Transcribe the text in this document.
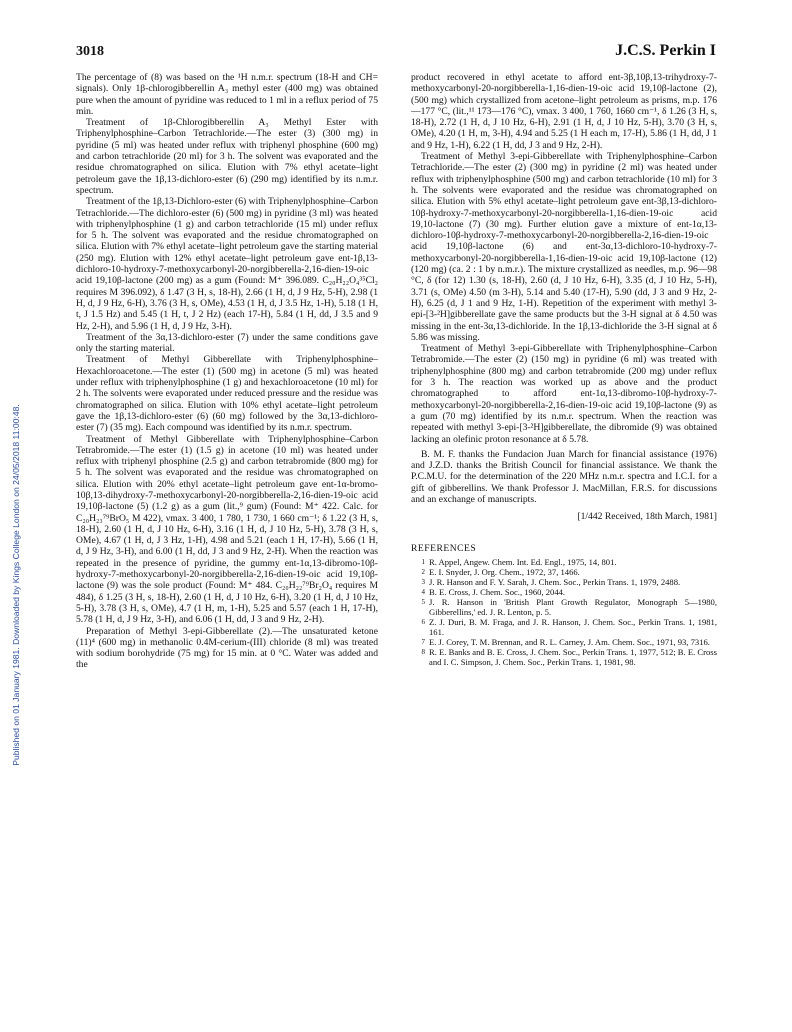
3018	J.C.S. Perkin I
Published on 01 January 1981. Downloaded by Kings College London on 24/05/2018 11:00:48.

The percentage of (8) was based on the ¹H n.m.r. spectrum (18-H and CH= signals). Only 1β-chlorogibberellin A₃ methyl ester (400 mg) was obtained pure when the amount of pyridine was reduced to 1 ml in a reflux period of 75 min.

Treatment of 1β-Chlorogibberellin A₃ Methyl Ester with Triphenylphosphine–Carbon Tetrachloride.—The ester (3) (300 mg) in pyridine (5 ml) was heated under reflux with triphenyl phosphine (600 mg) and carbon tetrachloride (20 ml) for 3 h. The solvent was evaporated and the residue chromatographed on silica. Elution with 7% ethyl acetate–light petroleum gave the 1β,13-dichloro-ester (6) (290 mg) identified by its n.m.r. spectrum.

Treatment of the 1β,13-Dichloro-ester (6) with Triphenylphosphine–Carbon Tetrachloride.—The dichloro-ester (6) (500 mg) in pyridine (3 ml) was heated with triphenylphosphine (1 g) and carbon tetrachloride (15 ml) under reflux for 5 h. The solvent was evaporated and the residue chromatographed on silica. Elution with 7% ethyl acetate–light petroleum gave the starting material (250 mg). Elution with 12% ethyl acetate–light petroleum gave ent-1β,13-dichloro-10-hydroxy-7-methoxycarbonyl-20-norgibberella-2,16-dien-19-oic acid 19,10β-lactone (200 mg) as a gum (Found: M⁺ 396.089. C₂₀H₂₂O₄³⁵Cl₂ requires M 396.092), δ 1.47 (3 H, s, 18-H), 2.66 (1 H, d, J 9 Hz, 5-H), 2.98 (1 H, d, J 9 Hz, 6-H), 3.76 (3 H, s, OMe), 4.53 (1 H, d, J 3.5 Hz, 1-H), 5.18 (1 H, t, J 1.5 Hz) and 5.45 (1 H, t, J 2 Hz) (each 17-H), 5.84 (1 H, dd, J 3.5 and 9 Hz, 2-H), and 5.96 (1 H, d, J 9 Hz, 3-H).

Treatment of the 3α,13-dichloro-ester (7) under the same conditions gave only the starting material.

Treatment of Methyl Gibberellate with Triphenylphosphine–Hexachloroacetone.—The ester (1) (500 mg) in acetone (5 ml) was heated under reflux with triphenylphosphine (1 g) and hexachloroacetone (10 ml) for 2 h. The solvents were evaporated under reduced pressure and the residue was chromatographed on silica. Elution with 10% ethyl acetate–light petroleum gave the 1β,13-dichloro-ester (6) (60 mg) followed by the 3α,13-dichloro-ester (7) (35 mg). Each compound was identified by its n.m.r. spectrum.

Treatment of Methyl Gibberellate with Triphenylphosphine–Carbon Tetrabromide.—The ester (1) (1.5 g) in acetone (10 ml) was heated under reflux with triphenyl phosphine (2.5 g) and carbon tetrabromide (800 mg) for 5 h. The solvent was evaporated and the residue was chromatographed on silica. Elution with 20% ethyl acetate–light petroleum gave ent-1α-bromo-10β,13-dihydroxy-7-methoxycarbonyl-20-norgibberella-2,16-dien-19-oic acid 19,10β-lactone (5) (1.2 g) as a gum (lit.,⁹ gum) (Found: M⁺ 422. Calc. for C₂₀H₂₃⁷⁹BrO₅ M 422), νmax. 3 400, 1 780, 1 730, 1 660 cm⁻¹; δ 1.22 (3 H, s, 18-H), 2.60 (1 H, d, J 10 Hz, 6-H), 3.16 (1 H, d, J 10 Hz, 5-H), 3.78 (3 H, s, OMe), 4.67 (1 H, d, J 3 Hz, 1-H), 4.98 and 5.21 (each 1 H, 17-H), 5.66 (1 H, d, J 9 Hz, 3-H), and 6.00 (1 H, dd, J 3 and 9 Hz, 2-H). When the reaction was repeated in the presence of pyridine, the gummy ent-1α,13-dibromo-10β-hydroxy-7-methoxycarbonyl-20-norgibberella-2,16-dien-19-oic acid 19,10β-lactone (9) was the sole product (Found: M⁺ 484. C₂₀H₂₂⁷⁹Br₂O₄ requires M 484), δ 1.25 (3 H, s, 18-H), 2.60 (1 H, d, J 10 Hz, 6-H), 3.20 (1 H, d, J 10 Hz, 5-H), 3.78 (3 H, s, OMe), 4.7 (1 H, m, 1-H), 5.25 and 5.57 (each 1 H, 17-H), 5.78 (1 H, d, J 9 Hz, 3-H), and 6.06 (1 H, dd, J 3 and 9 Hz, 2-H).

Preparation of Methyl 3-epi-Gibberellate (2).—The unsaturated ketone (11)⁴ (600 mg) in methanolic 0.4M-cerium-(III) chloride (8 ml) was treated with sodium borohydride (75 mg) for 15 min. at 0 °C. Water was added and the

product recovered in ethyl acetate to afford ent-3β,10β,13-trihydroxy-7-methoxycarbonyl-20-norgibberella-1,16-dien-19-oic acid 19,10β-lactone (2), (500 mg) which crystallized from acetone–light petroleum as prisms, m.p. 176—177 °C, (lit.,¹¹ 173—176 °C), νmax. 3 400, 1 760, 1660 cm⁻¹, δ 1.26 (3 H, s, 18-H), 2.72 (1 H, d, J 10 Hz, 6-H), 2.91 (1 H, d, J 10 Hz, 5-H), 3.70 (3 H, s, OMe), 4.20 (1 H, m, 3-H), 4.94 and 5.25 (1 H each m, 17-H), 5.86 (1 H, dd, J 1 and 9 Hz, 1-H), 6.22 (1 H, dd, J 3 and 9 Hz, 2-H).

Treatment of Methyl 3-epi-Gibberellate with Triphenylphosphine–Carbon Tetrachloride.—The ester (2) (300 mg) in pyridine (2 ml) was heated under reflux with triphenylphosphine (500 mg) and carbon tetrachloride (10 ml) for 3 h. The solvents were evaporated and the residue was chromatographed on silica. Elution with 5% ethyl acetate–light petroleum gave ent-3β,13-dichloro-10β-hydroxy-7-methoxycarbonyl-20-norgibberella-1,16-dien-19-oic acid 19,10-lactone (7) (30 mg). Further elution gave a mixture of ent-1α,13-dichloro-10β-hydroxy-7-methoxycarbonyl-20-norgibberella-2,16-dien-19-oic acid 19,10β-lactone (6) and ent-3α,13-dichloro-10-hydroxy-7-methoxycarbonyl-20-norgibberella-1,16-dien-19-oic acid 19,10β-lactone (12) (120 mg) (ca. 2 : 1 by n.m.r.). The mixture crystallized as needles, m.p. 96—98 °C, δ (for 12) 1.30 (s, 18-H), 2.60 (d, J 10 Hz, 6-H), 3.35 (d, J 10 Hz, 5-H), 3.71 (s, OMe) 4.50 (m 3-H), 5.14 and 5.40 (17-H), 5.90 (dd, J 3 and 9 Hz, 2-H), 6.25 (d, J 1 and 9 Hz, 1-H). Repetition of the experiment with methyl 3-epi-[3-²H]gibberellate gave the same products but the 3-H signal at δ 4.50 was missing in the ent-3α,13-dichloride. In the 1β,13-dichloride the 3-H signal at δ 5.86 was missing.

Treatment of Methyl 3-epi-Gibberellate with Triphenylphosphine–Carbon Tetrabromide.—The ester (2) (150 mg) in pyridine (6 ml) was treated with triphenylphosphine (800 mg) and carbon tetrabromide (200 mg) under reflux for 3 h. The reaction was worked up as above and the product chromatographed to afford ent-1α,13-dibromo-10β-hydroxy-7-methoxycarbonyl-20-norgibberella-2,16-dien-19-oic acid 19,10β-lactone (9) as a gum (70 mg) identified by its n.m.r. spectrum. When the reaction was repeated with methyl 3-epi-[3-²H]gibberellate, the dibromide (9) was obtained lacking an olefinic proton resonance at δ 5.78.

B. M. F. thanks the Fundacion Juan March for financial assistance (1976) and J.Z.D. thanks the British Council for financial assistance. We thank the P.C.M.U. for the determination of the 220 MHz n.m.r. spectra and I.C.I. for a gift of gibberellins. We thank Professor J. MacMillan, F.R.S. for discussions and an exchange of manuscripts.

[1/442 Received, 18th March, 1981]

REFERENCES
1 R. Appel, Angew. Chem. Int. Ed. Engl., 1975, 14, 801.
2 E. I. Snyder, J. Org. Chem., 1972, 37, 1466.
3 J. R. Hanson and F. Y. Sarah, J. Chem. Soc., Perkin Trans. 1, 1979, 2488.
4 B. E. Cross, J. Chem. Soc., 1960, 2044.
5 J. R. Hanson in 'British Plant Growth Regulator, Monograph 5—1980, Gibberellins,' ed. J. R. Lenton, p. 5.
6 Z. J. Duri, B. M. Fraga, and J. R. Hanson, J. Chem. Soc., Perkin Trans. 1, 1981, 161.
7 E. J. Corey, T. M. Brennan, and R. L. Carney, J. Am. Chem. Soc., 1971, 93, 7316.
8 R. E. Banks and B. E. Cross, J. Chem. Soc., Perkin Trans. 1, 1977, 512; B. E. Cross and I. C. Simpson, J. Chem. Soc., Perkin Trans. 1, 1981, 98.
